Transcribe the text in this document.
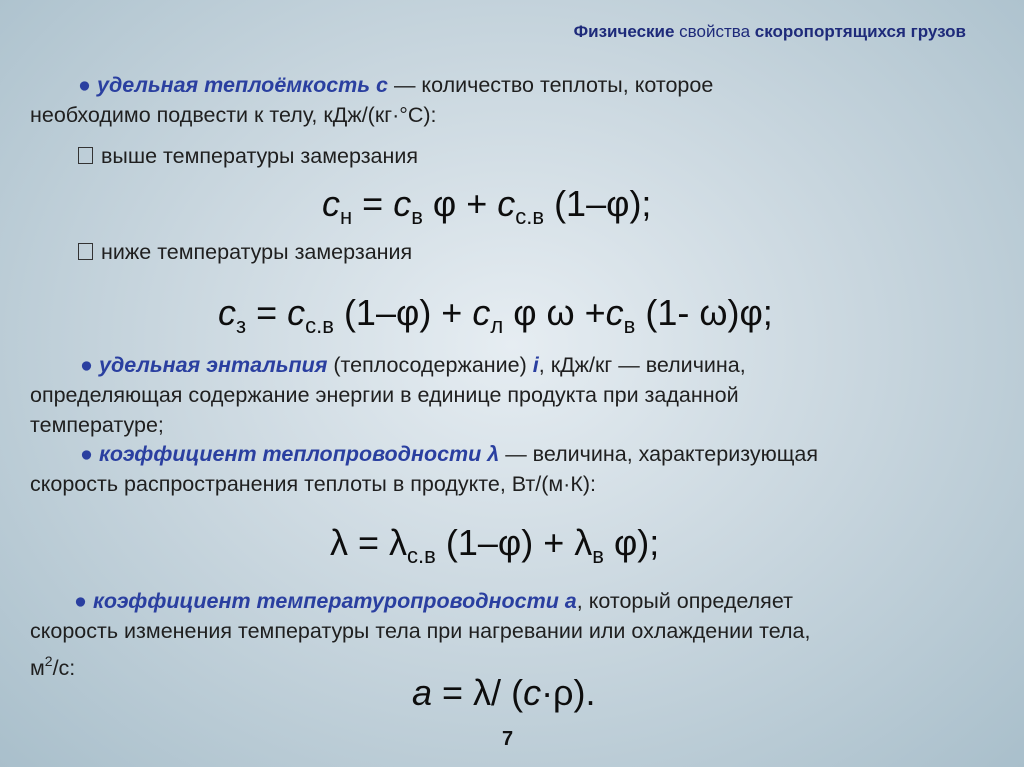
Физические свойства скоропортящихся грузов
● удельная теплоёмкость c — количество теплоты, которое
необходимо подвести к телу, кДж/(кг·°С):
выше температуры замерзания
$c_н = c_в$ $\varphi + c_{с.в}$ (1–φ);
ниже температуры замерзания
$c_з = c_{с.в}$ $(1-\varphi) + c_л$ φ $\omega +c_в$ (1- ω)φ;
● удельная энтальпия (теплосодержание) i, кДж/кг — величина,
определяющая содержание энергии в единице продукта при заданной
температуре;
● коэффициент теплопроводности λ — величина, характеризующая
скорость распространения теплоты в продукте, Вт/(м·К):
$\lambda = \lambda_{с.в}$ $(1-\varphi) + \lambda_в$ φ);
● коэффициент температуропроводности a, который определяет
скорость изменения температуры тела при нагревании или охлаждении тела,
$м^2/с$:
a = λ/ (c·ρ).
7
